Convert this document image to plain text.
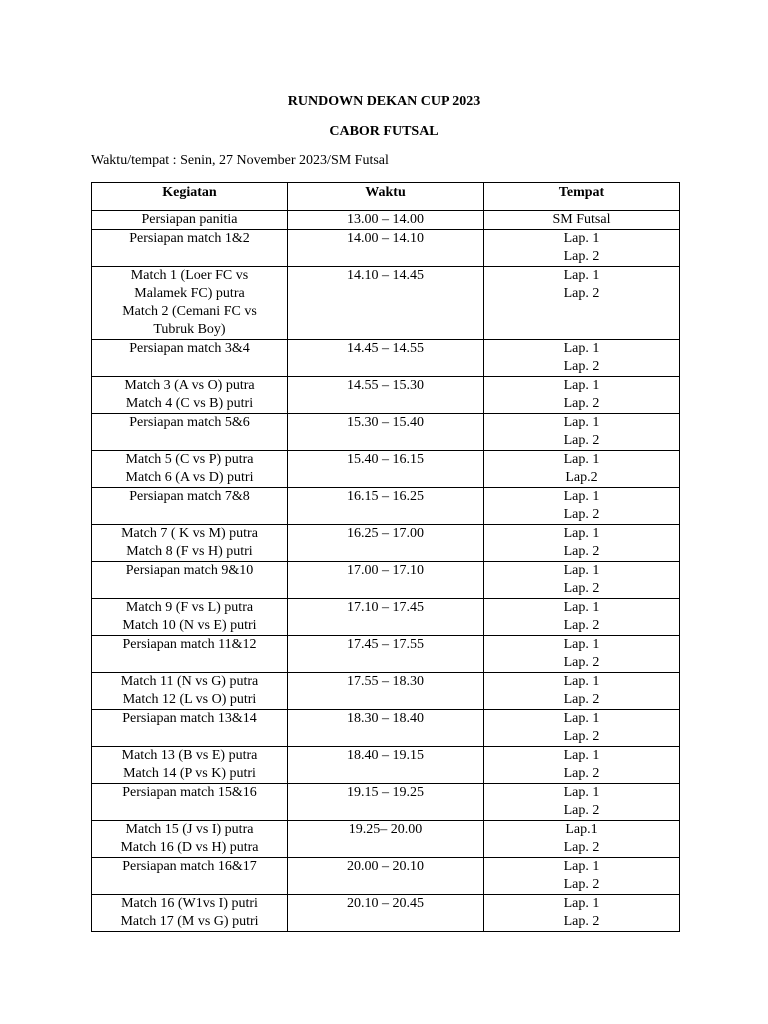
RUNDOWN DEKAN CUP 2023
CABOR FUTSAL
Waktu/tempat : Senin, 27 November 2023/SM Futsal
Kegiatan	Waktu	Tempat

Persiapan panitia	13.00 – 14.00	SM Futsal

Persiapan match 1&2	14.00 – 14.10	Lap. 1
Lap. 2

Match 1 (Loer FC vs
Malamek FC) putra
Match 2 (Cemani FC vs
Tubruk Boy)	14.10 – 14.45	Lap. 1
Lap. 2

Persiapan match 3&4	14.45 – 14.55	Lap. 1
Lap. 2

Match 3 (A vs O) putra
Match 4 (C vs B) putri	14.55 – 15.30	Lap. 1
Lap. 2

Persiapan match 5&6	15.30 – 15.40	Lap. 1
Lap. 2

Match 5 (C vs P) putra
Match 6 (A vs D) putri	15.40 – 16.15	Lap. 1
Lap.2

Persiapan match 7&8	16.15 – 16.25	Lap. 1
Lap. 2

Match 7 ( K vs M) putra
Match 8 (F vs H) putri	16.25 – 17.00	Lap. 1
Lap. 2

Persiapan match 9&10	17.00 – 17.10	Lap. 1
Lap. 2

Match 9 (F vs L) putra
Match 10 (N vs E) putri	17.10 – 17.45	Lap. 1
Lap. 2

Persiapan match 11&12	17.45 – 17.55	Lap. 1
Lap. 2

Match 11 (N vs G) putra
Match 12 (L vs O) putri	17.55 – 18.30	Lap. 1
Lap. 2

Persiapan match 13&14	18.30 – 18.40	Lap. 1
Lap. 2

Match 13 (B vs E) putra
Match 14 (P vs K) putri	18.40 – 19.15	Lap. 1
Lap. 2

Persiapan match 15&16	19.15 – 19.25	Lap. 1
Lap. 2

Match 15 (J vs I) putra
Match 16 (D vs H) putra	19.25– 20.00	Lap.1
Lap. 2

Persiapan match 16&17	20.00 – 20.10	Lap. 1
Lap. 2

Match 16 (W1vs I) putri
Match 17 (M vs G) putri	20.10 – 20.45	Lap. 1
Lap. 2
